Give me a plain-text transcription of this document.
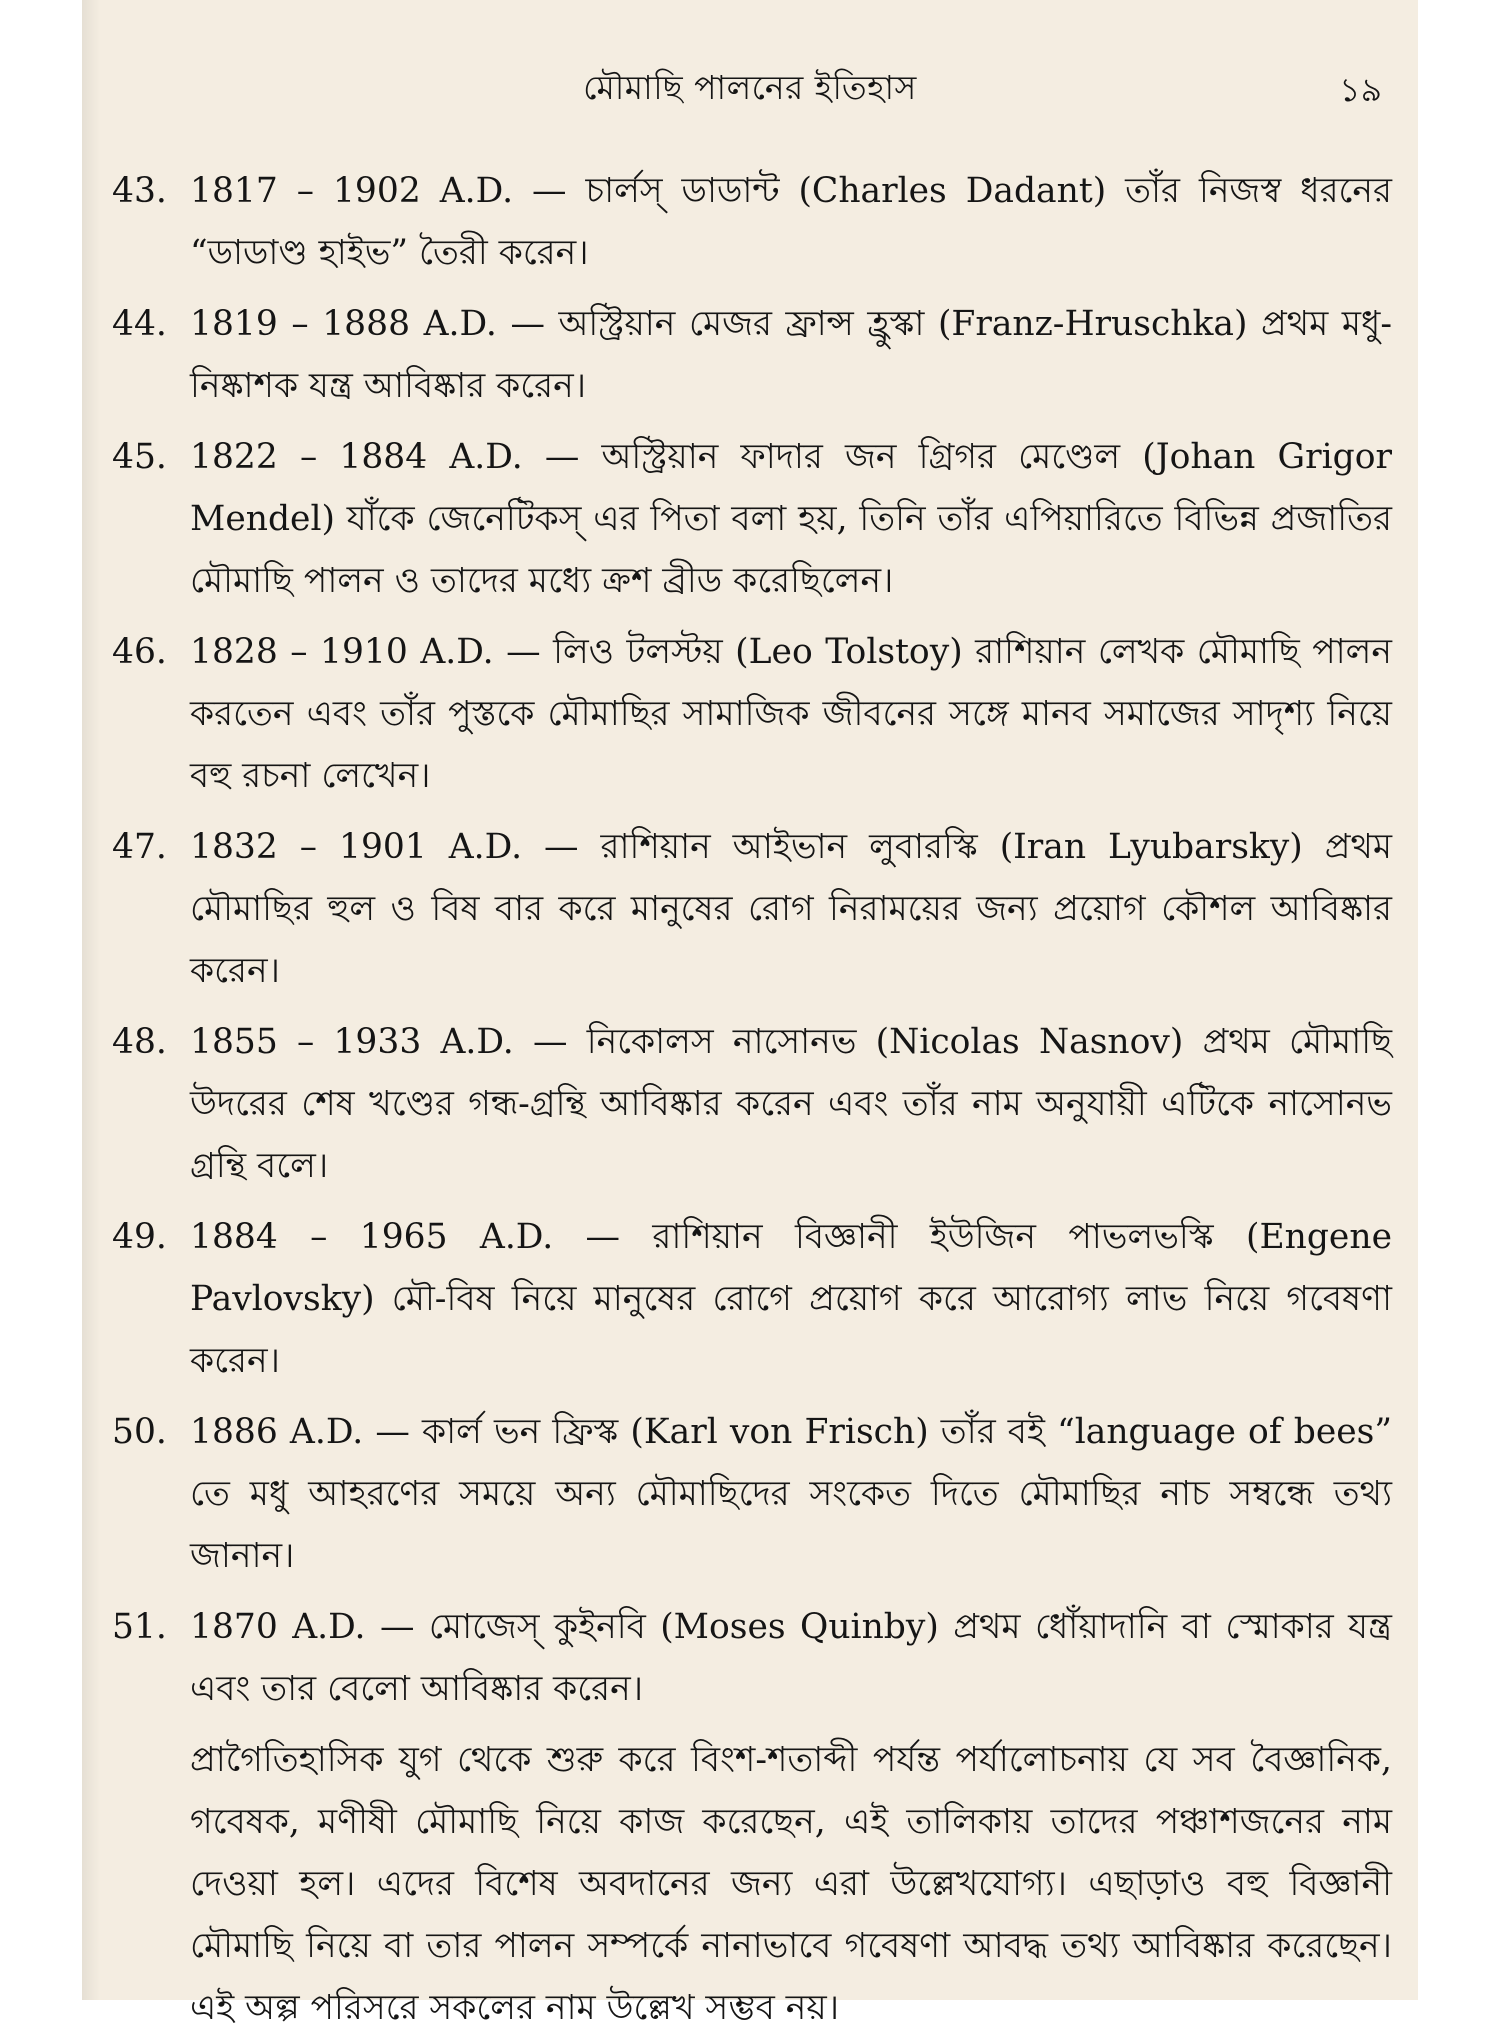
মৌমাছি পালনের ইতিহাস	১৯
43. 1817 – 1902 A.D. — চার্লস্‌ ডাডান্ট (Charles Dadant) তাঁর নিজস্ব ধরনের “ডাডাণ্ড হাইভ” তৈরী করেন।
44. 1819 – 1888 A.D. — অস্ট্রিয়ান মেজর ফ্রান্স হ্রুস্কা (Franz-Hruschka) প্রথম মধু-নিষ্কাশক যন্ত্র আবিষ্কার করেন।
45. 1822 – 1884 A.D. — অস্ট্রিয়ান ফাদার জন গ্রিগর মেণ্ডেল (Johan Grigor Mendel) যাঁকে জেনেটিকস্‌ এর পিতা বলা হয়, তিনি তাঁর এপিয়ারিতে বিভিন্ন প্রজাতির মৌমাছি পালন ও তাদের মধ্যে ক্রশ ব্রীড করেছিলেন।
46. 1828 – 1910 A.D. — লিও টলস্টয় (Leo Tolstoy) রাশিয়ান লেখক মৌমাছি পালন করতেন এবং তাঁর পুস্তকে মৌমাছির সামাজিক জীবনের সঙ্গে মানব সমাজের সাদৃশ্য নিয়ে বহু রচনা লেখেন।
47. 1832 – 1901 A.D. — রাশিয়ান আইভান লুবারস্কি (Iran Lyubarsky) প্রথম মৌমাছির হুল ও বিষ বার করে মানুষের রোগ নিরাময়ের জন্য প্রয়োগ কৌশল আবিষ্কার করেন।
48. 1855 – 1933 A.D. — নিকোলস নাসোনভ (Nicolas Nasnov) প্রথম মৌমাছি উদরের শেষ খণ্ডের গন্ধ-গ্রন্থি আবিষ্কার করেন এবং তাঁর নাম অনুযায়ী এটিকে নাসোনভ গ্রন্থি বলে।
49. 1884 – 1965 A.D. — রাশিয়ান বিজ্ঞানী ইউজিন পাভলভস্কি (Engene Pavlovsky) মৌ-বিষ নিয়ে মানুষের রোগে প্রয়োগ করে আরোগ্য লাভ নিয়ে গবেষণা করেন।
50. 1886 A.D. — কার্ল ভন ফ্রিস্ক (Karl von Frisch) তাঁর বই “language of bees” তে মধু আহরণের সময়ে অন্য মৌমাছিদের সংকেত দিতে মৌমাছির নাচ সম্বন্ধে তথ্য জানান।
51. 1870 A.D. — মোজেস্‌ কুইনবি (Moses Quinby) প্রথম ধোঁয়াদানি বা স্মোকার যন্ত্র এবং তার বেলো আবিষ্কার করেন।
প্রাগৈতিহাসিক যুগ থেকে শুরু করে বিংশ-শতাব্দী পর্যন্ত পর্যালোচনায় যে সব বৈজ্ঞানিক, গবেষক, মণীষী মৌমাছি নিয়ে কাজ করেছেন, এই তালিকায় তাদের পঞ্চাশজনের নাম দেওয়া হল। এদের বিশেষ অবদানের জন্য এরা উল্লেখযোগ্য। এছাড়াও বহু বিজ্ঞানী মৌমাছি নিয়ে বা তার পালন সম্পর্কে নানাভাবে গবেষণা আবদ্ধ তথ্য আবিষ্কার করেছেন। এই অল্প পরিসরে সকলের নাম উল্লেখ সম্ভব নয়।
